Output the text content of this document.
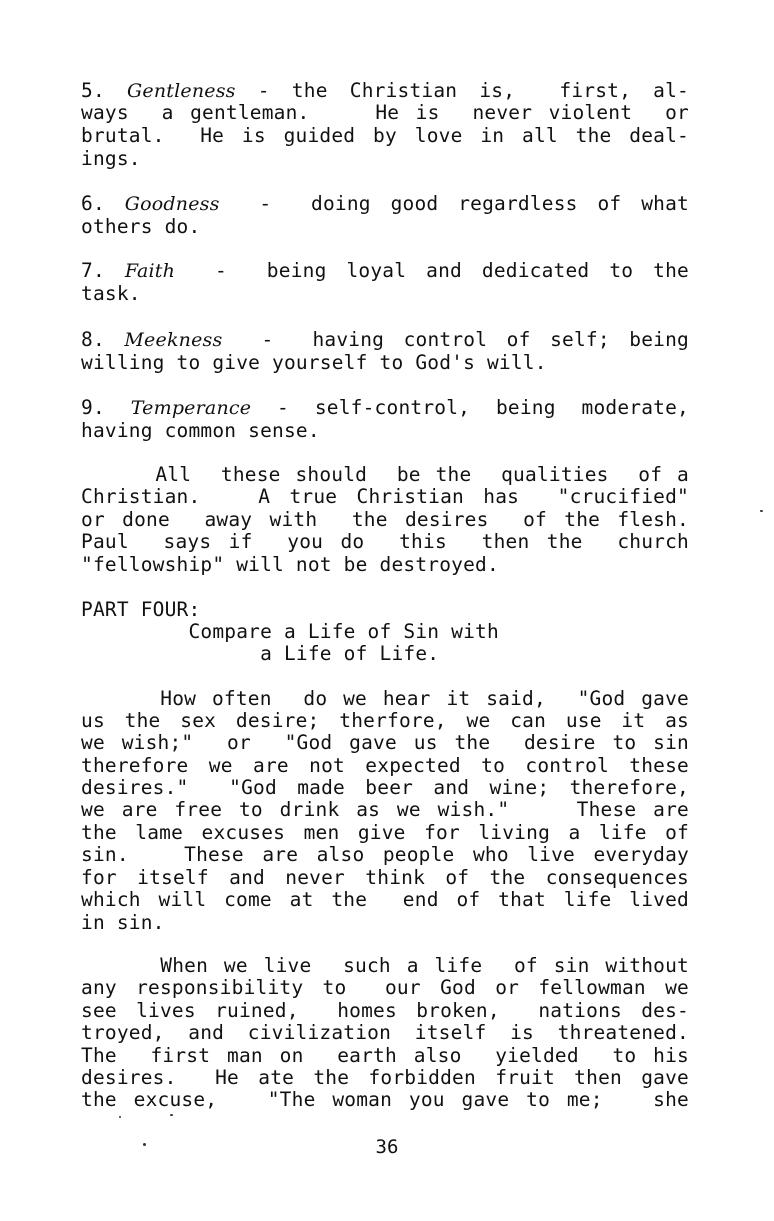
5. Gentleness - the Christian is,  first, al-
ways  a gentleman.    He is  never violent  or
brutal.  He is guided by love in all the deal-
ings.
6. Goodness -  doing good regardless of what
others do.
7. Faith -  being loyal and dedicated to the
task.
8. Meekness -  having control of self; being
willing to give yourself to God's will.
9. Temperance - self-control, being moderate,
having common sense.
All  these should  be the  qualities  of a
Christian.   A true Christian has  "crucified"
or done  away with  the desires  of the flesh.
Paul  says if  you do  this  then the  church
"fellowship" will not be destroyed.
PART FOUR:
Compare a Life of Sin with
a Life of Life.
How often  do we hear it said,  "God gave
us the sex desire; therfore, we can use it as
we wish;"  or  "God gave us the  desire to sin
therefore we are not expected to control these
desires."  "God made beer and wine; therefore,
we are free to drink as we wish."    These are
the lame excuses men give for living a life of
sin.   These are also people who live everyday
for itself and never think of the consequences
which will come at the  end of that life lived
in sin.
When we live  such a life  of sin without
any responsibility to  our God or fellowman we
see lives ruined,  homes broken,  nations des-
troyed, and civilization itself is threatened.
The  first man on  earth also  yielded  to his
desires.  He ate the forbidden fruit then gave
the excuse,   "The woman you gave to me;   she
36
